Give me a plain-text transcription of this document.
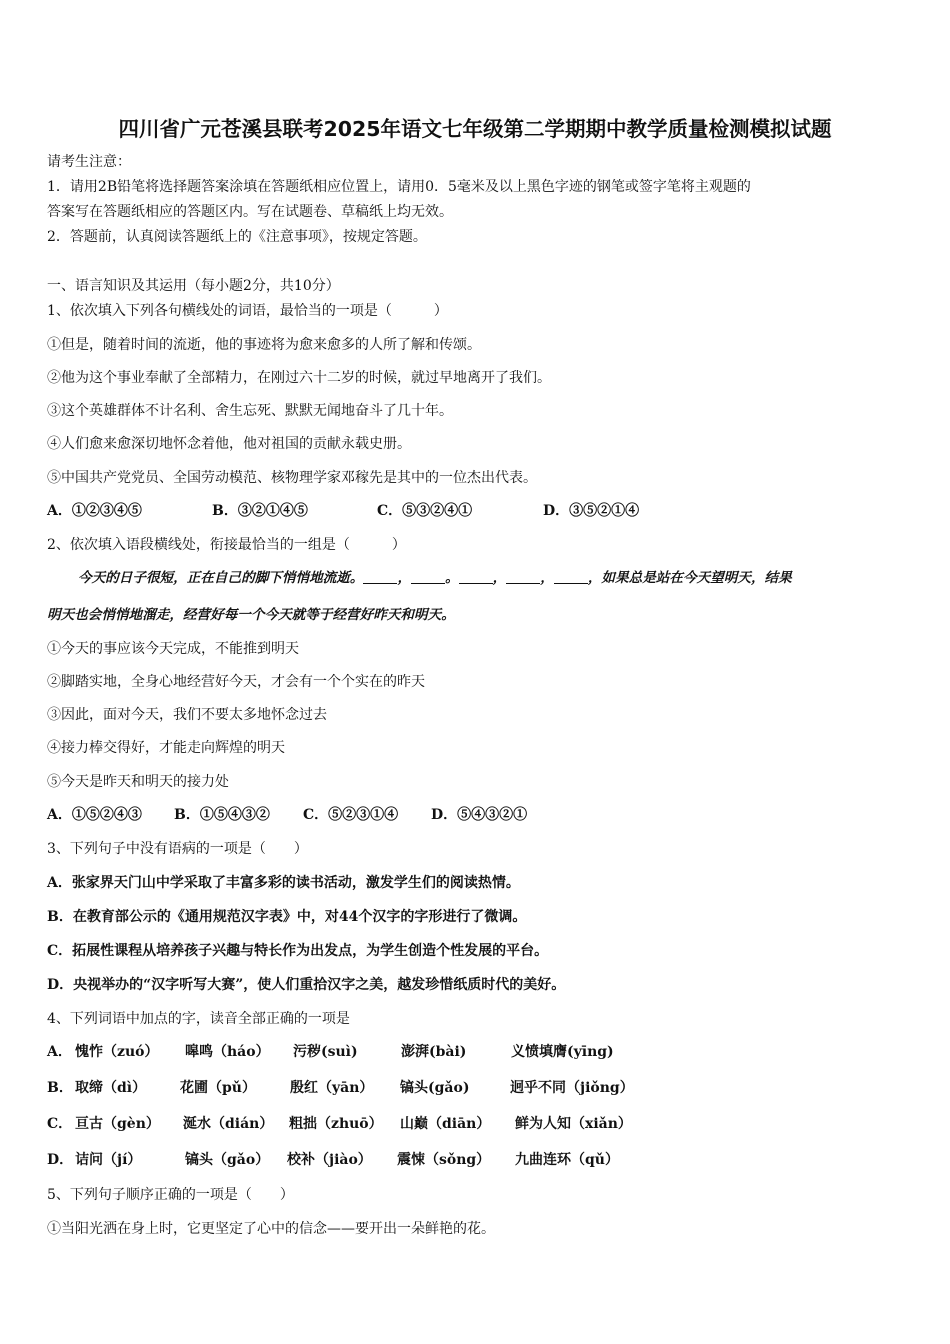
四川省广元苍溪县联考2025年语文七年级第二学期期中教学质量检测模拟试题
请考生注意：
1．请用2B铅笔将选择题答案涂填在答题纸相应位置上，请用0．5毫米及以上黑色字迹的钢笔或签字笔将主观题的
答案写在答题纸相应的答题区内。写在试题卷、草稿纸上均无效。
2．答题前，认真阅读答题纸上的《注意事项》，按规定答题。
一、语言知识及其运用（每小题2分，共10分）
1、依次填入下列各句横线处的词语，最恰当的一项是（　　　）
①但是，随着时间的流逝，他的事迹将为愈来愈多的人所了解和传颂。
②他为这个事业奉献了全部精力，在刚过六十二岁的时候，就过早地离开了我们。
③这个英雄群体不计名利、舍生忘死、默默无闻地奋斗了几十年。
④人们愈来愈深切地怀念着他，他对祖国的贡献永载史册。
⑤中国共产党党员、全国劳动模范、核物理学家邓稼先是其中的一位杰出代表。
A．①②③④⑤	B．③②①④⑤	C．⑤③②④①	D．③⑤②①④
2、依次填入语段横线处，衔接最恰当的一组是（　　　）
今天的日子很短，正在自己的脚下悄悄地流逝。	，	。	，	，	，如果总是站在今天望明天，结果
明天也会悄悄地溜走，经营好每一个今天就等于经营好昨天和明天。
①今天的事应该今天完成，不能推到明天
②脚踏实地，全身心地经营好今天，才会有一个个实在的昨天
③因此，面对今天，我们不要太多地怀念过去
④接力棒交得好，才能走向辉煌的明天
⑤今天是昨天和明天的接力处
A．①⑤②④③ B．①⑤④③② C．⑤②③①④ D．⑤④③②①
3、下列句子中没有语病的一项是（　　）
A．张家界天门山中学采取了丰富多彩的读书活动，激发学生们的阅读热情。
B．在教育部公示的《通用规范汉字表》中，对44个汉字的字形进行了微调。
C．拓展性课程从培养孩子兴趣与特长作为出发点，为学生创造个性发展的平台。
D．央视举办的“汉字听写大赛”，使人们重拾汉字之美，越发珍惜纸质时代的美好。
4、下列词语中加点的字，读音全部正确的一项是
A． 愧怍（zuó） 嗥鸣（háo） 污秽(suì)	澎湃(bài)	义愤填膺(yīng)
B． 取缔（dì） 花圃（pǔ） 殷红（yān） 镐头(gǎo)	迥乎不同（jiǒng）
C． 亘古（gèn） 涎水（dián） 粗拙（zhuō） 山巅（diān） 鲜为人知（xiǎn）
D． 诘问（jí）	镐头（gǎo） 校补（jiào） 震悚（sǒng） 九曲连环（qǔ）
5、下列句子顺序正确的一项是（　　）
①当阳光洒在身上时，它更坚定了心中的信念——要开出一朵鲜艳的花。
